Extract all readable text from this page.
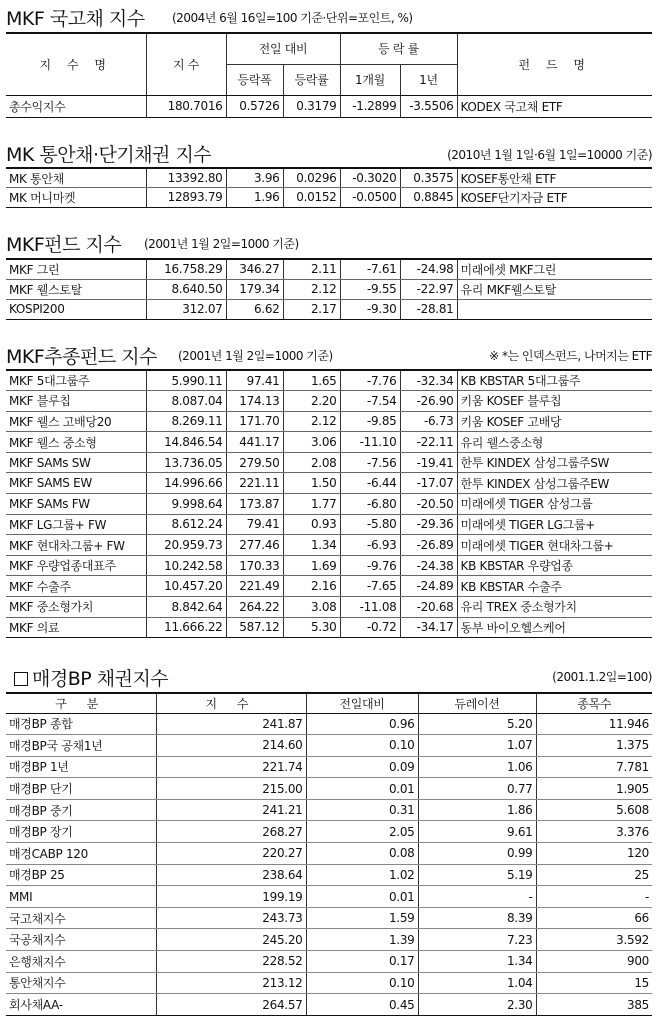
MKF 국고채 지수 (2004년 6월 16일=100 기준·단위=포인트, %)
지 수 명	지 수	전일 대비		등 락 률		펀 드 명
		등락폭	등락률	1개월	1년	
총수익지수	180.7016	0.5726	0.3179	-1.2899	-3.5506	KODEX 국고채 ETF
MK 통안채·단기채권 지수	(2010년 1월 1일·6월 1일=10000 기준)
MK 통안채	13392.80	3.96	0.0296	-0.3020	0.3575	KOSEF통안채 ETF
MK 머니마켓	12893.79	1.96	0.0152	-0.0500	0.8845	KOSEF단기자금 ETF
MKF펀드 지수 (2001년 1월 2일=1000 기준)
MKF 그린	16.758.29	346.27	2.11	-7.61	-24.98	미래에셋 MKF그린
MKF 웰스토탈	8.640.50	179.34	2.12	-9.55	-22.97	유리 MKF웰스토탈
KOSPI200	312.07	6.62	2.17	-9.30	-28.81	
MKF추종펀드 지수 (2001년 1월 2일=1000 기준)	※ *는 인덱스펀드, 나머지는 ETF
MKF 5대그룹주	5.990.11	97.41	1.65	-7.76	-32.34	KB KBSTAR 5대그룹주
MKF 블루칩	8.087.04	174.13	2.20	-7.54	-26.90	키움 KOSEF 블루칩
MKF 웰스 고배당20	8.269.11	171.70	2.12	-9.85	-6.73	키움 KOSEF 고배당
MKF 웰스 중소형	14.846.54	441.17	3.06	-11.10	-22.11	유리 웰스중소형
MKF SAMs SW	13.736.05	279.50	2.08	-7.56	-19.41	한투 KINDEX 삼성그룹주SW
MKF SAMS EW	14.996.66	221.11	1.50	-6.44	-17.07	한투 KINDEX 삼성그룹주EW
MKF SAMs FW	9.998.64	173.87	1.77	-6.80	-20.50	미래에셋 TIGER 삼성그룹
MKF LG그룹+ FW	8.612.24	79.41	0.93	-5.80	-29.36	미래에셋 TIGER LG그룹+
MKF 현대차그룹+ FW	20.959.73	277.46	1.34	-6.93	-26.89	미래에셋 TIGER 현대차그룹+
MKF 우량업종대표주	10.242.58	170.33	1.69	-9.76	-24.38	KB KBSTAR 우량업종
MKF 수출주	10.457.20	221.49	2.16	-7.65	-24.89	KB KBSTAR 수출주
MKF 중소형가치	8.842.64	264.22	3.08	-11.08	-20.68	유리 TREX 중소형가치
MKF 의료	11.666.22	587.12	5.30	-0.72	-34.17	동부 바이오헬스케어
매경BP 채권지수	(2001.1.2일=100)
구 분	지 수	전일대비	듀레이션	종목수
매경BP 종합	241.87	0.96	5.20	11.946
매경BP국 공채1년	214.60	0.10	1.07	1.375
매경BP 1년	221.74	0.09	1.06	7.781
매경BP 단기	215.00	0.01	0.77	1.905
매경BP 중기	241.21	0.31	1.86	5.608
매경BP 장기	268.27	2.05	9.61	3.376
매경CABP 120	220.27	0.08	0.99	120
매경BP 25	238.64	1.02	5.19	25
MMI	199.19	0.01	-	-
국고채지수	243.73	1.59	8.39	66
국공채지수	245.20	1.39	7.23	3.592
은행채지수	228.52	0.17	1.34	900
통안채지수	213.12	0.10	1.04	15
회사채AA-	264.57	0.45	2.30	385
